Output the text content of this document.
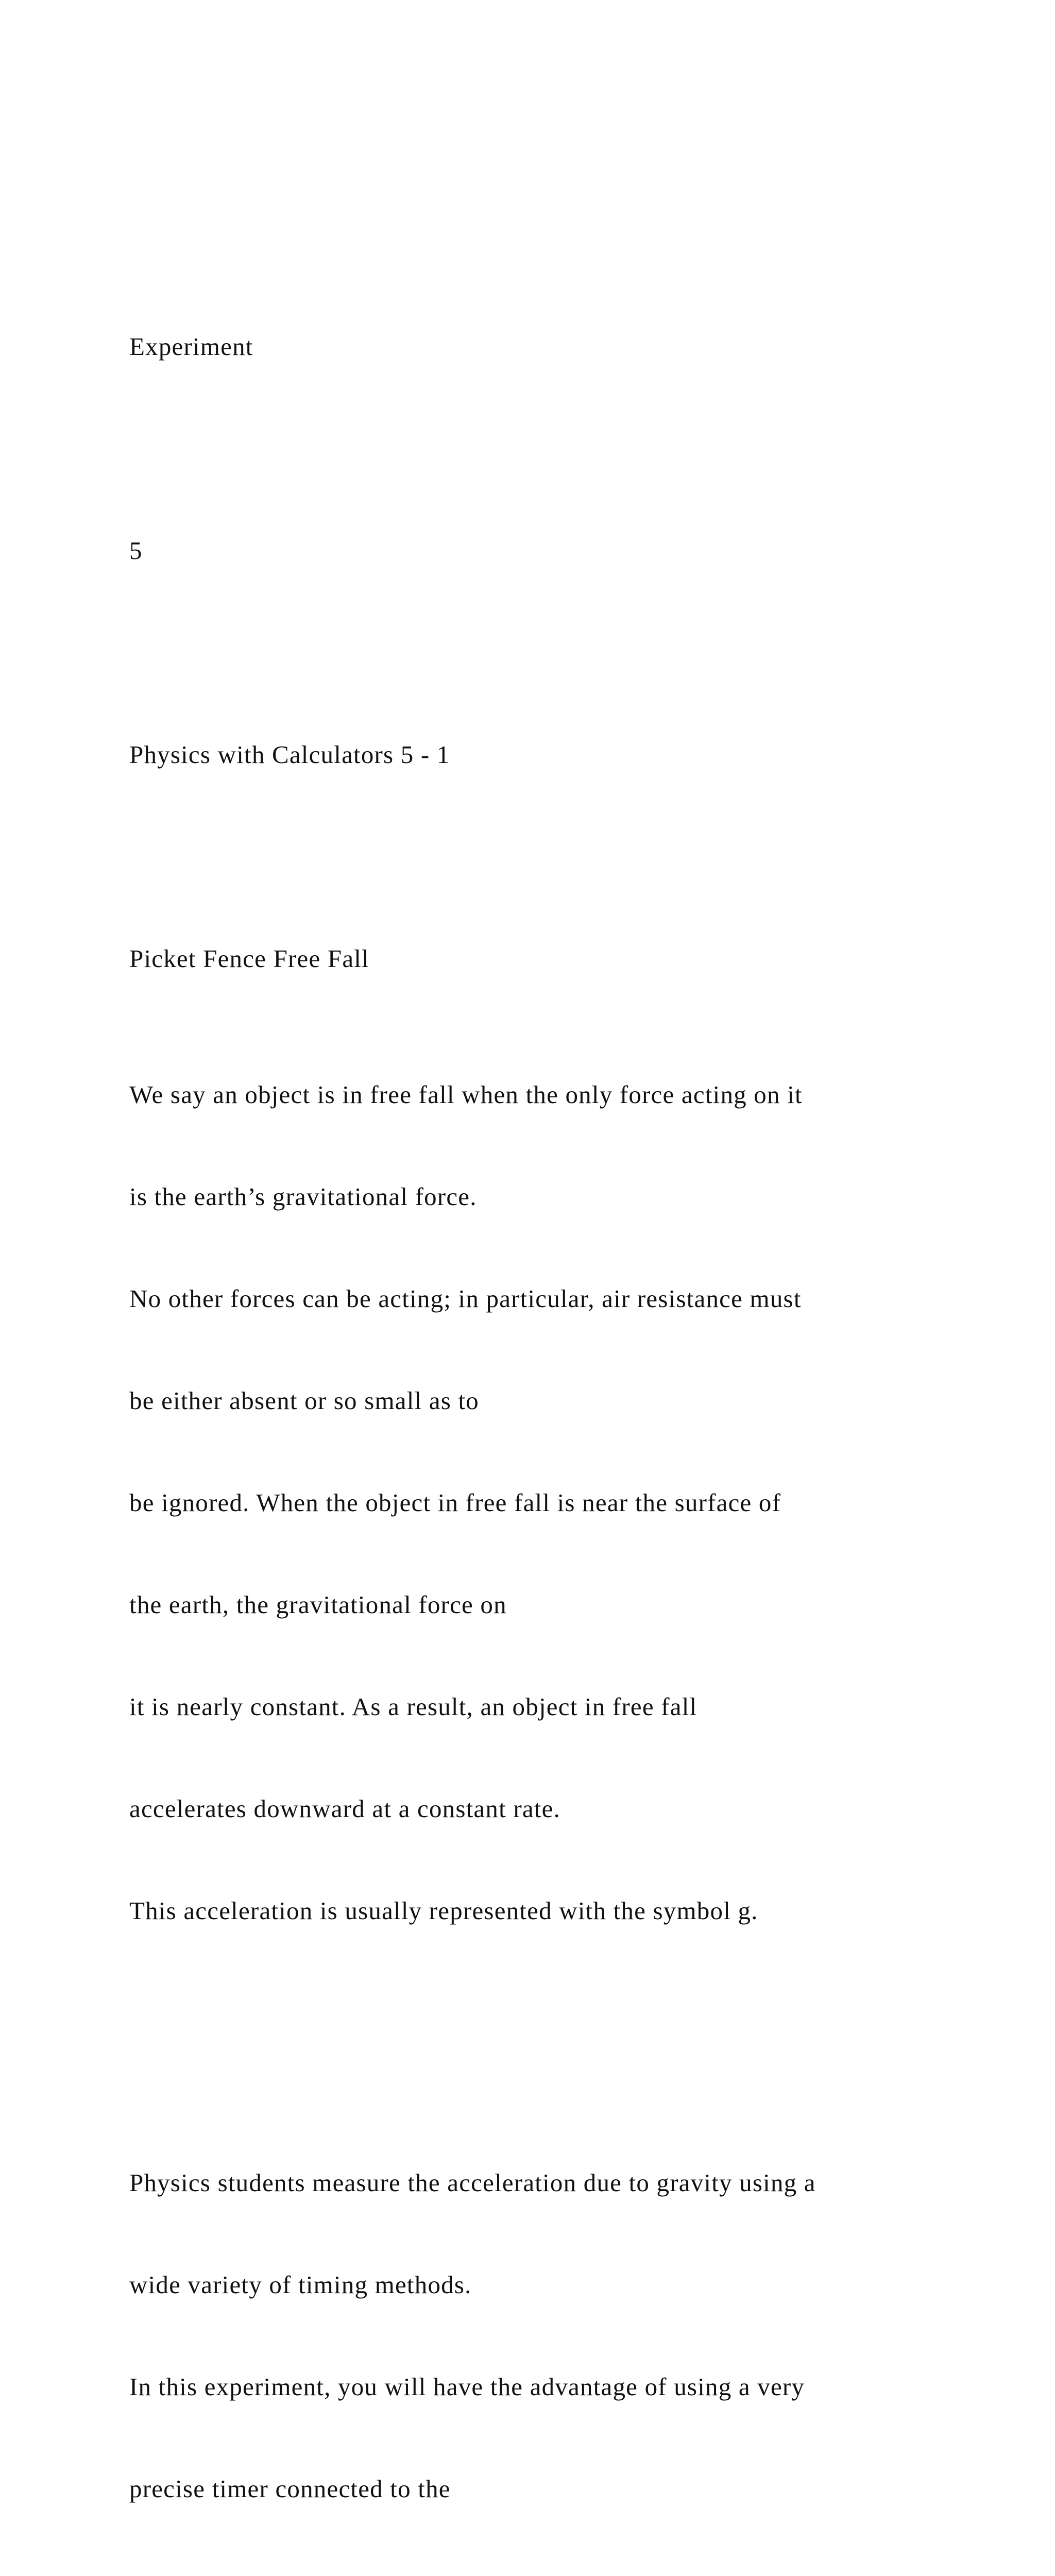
Experiment

5

Physics with Calculators 5 - 1

Picket Fence Free Fall

We say an object is in free fall when the only force acting on it

is the earth’s gravitational force.

No other forces can be acting; in particular, air resistance must

be either absent or so small as to

be ignored. When the object in free fall is near the surface of

the earth, the gravitational force on

it is nearly constant. As a result, an object in free fall

accelerates downward at a constant rate.

This acceleration is usually represented with the symbol g.

Physics students measure the acceleration due to gravity using a

wide variety of timing methods.

In this experiment, you will have the advantage of using a very

precise timer connected to the
